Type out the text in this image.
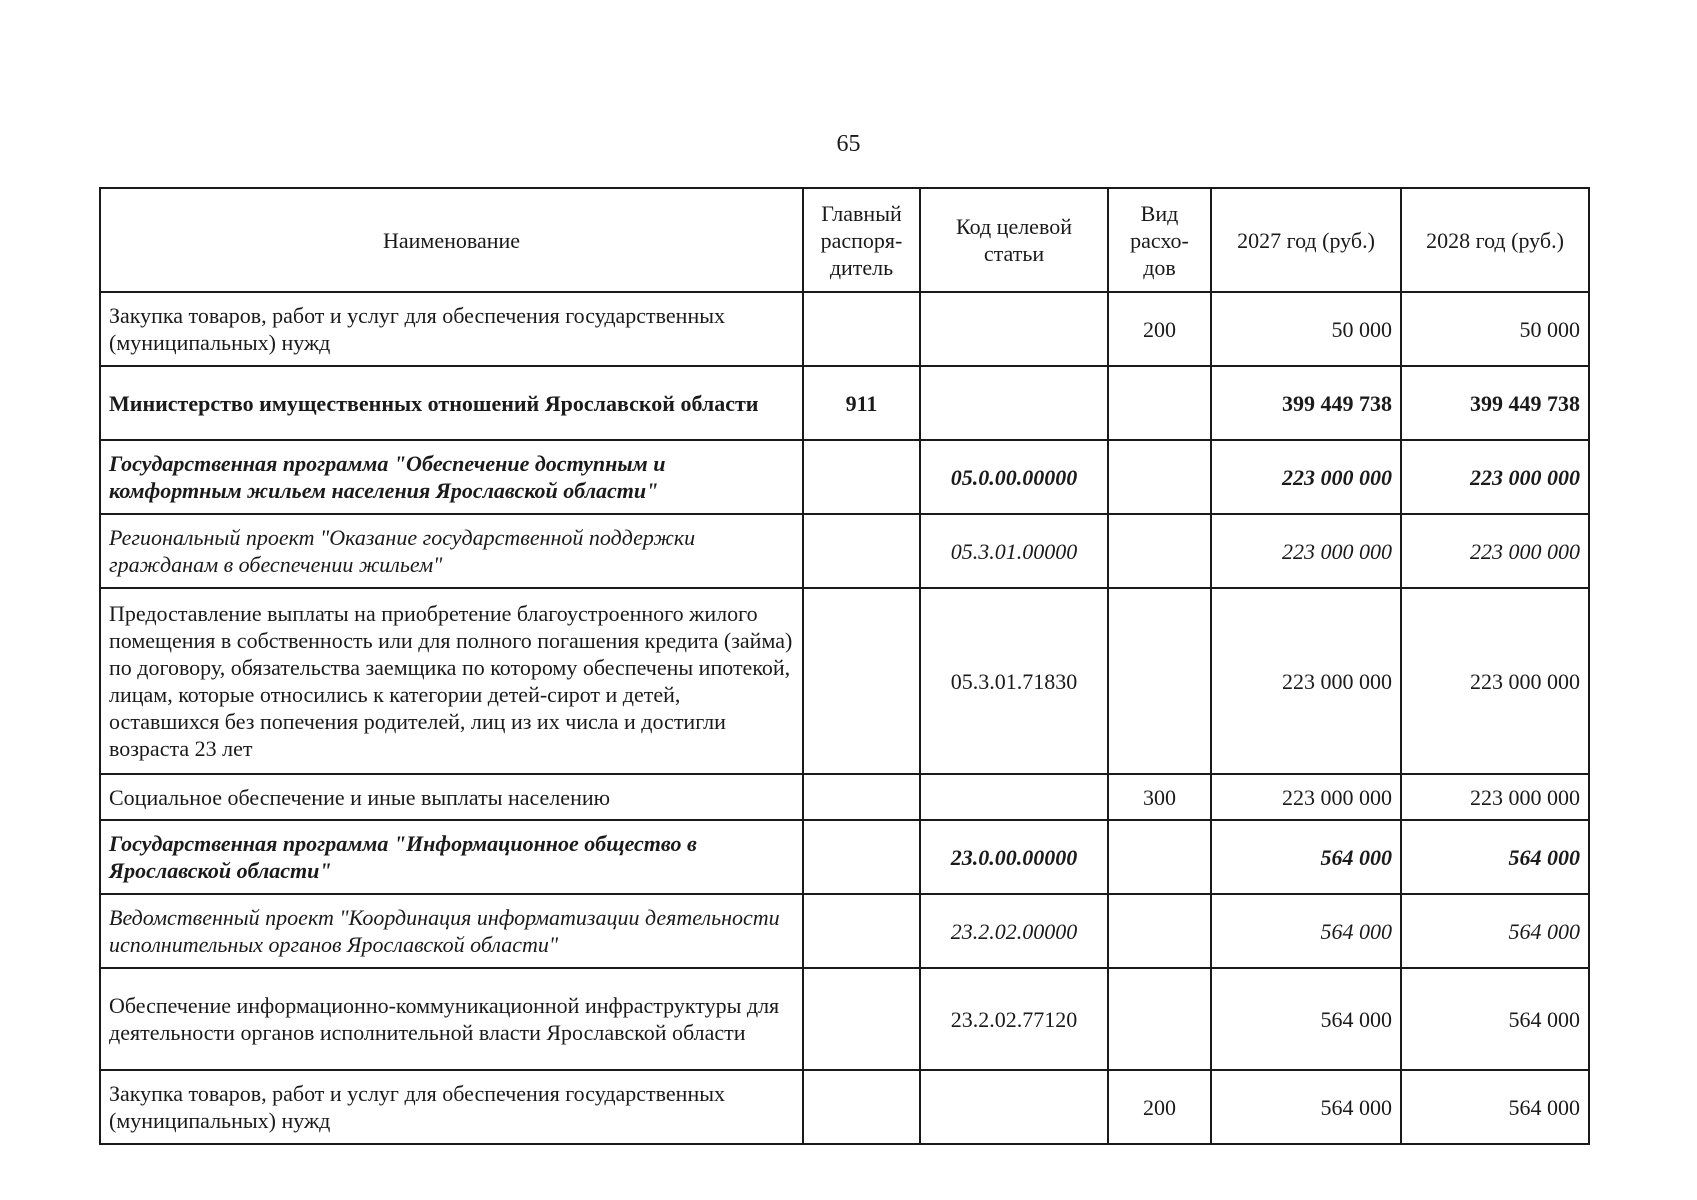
65
Наименование	Главный распоря-дитель	Код целевой статьи	Вид расхо-дов	2027 год (руб.)	2028 год (руб.)
Закупка товаров, работ и услуг для обеспечения государственных (муниципальных) нужд			200	50 000	50 000
Министерство имущественных отношений Ярославской области	911			399 449 738	399 449 738
Государственная программа "Обеспечение доступным и комфортным жильем населения Ярославской области"		05.0.00.00000		223 000 000	223 000 000
Региональный проект "Оказание государственной поддержки гражданам в обеспечении жильем"		05.3.01.00000		223 000 000	223 000 000
Предоставление выплаты на приобретение благоустроенного жилого помещения в собственность или для полного погашения кредита (займа) по договору, обязательства заемщика по которому обеспечены ипотекой, лицам, которые относились к категории детей-сирот и детей, оставшихся без попечения родителей, лиц из их числа и достигли возраста 23 лет		05.3.01.71830		223 000 000	223 000 000
Социальное обеспечение и иные выплаты населению			300	223 000 000	223 000 000
Государственная программа "Информационное общество в Ярославской области"		23.0.00.00000		564 000	564 000
Ведомственный проект "Координация информатизации деятельности исполнительных органов Ярославской области"		23.2.02.00000		564 000	564 000
Обеспечение информационно-коммуникационной инфраструктуры для деятельности органов исполнительной власти Ярославской области		23.2.02.77120		564 000	564 000
Закупка товаров, работ и услуг для обеспечения государственных (муниципальных) нужд			200	564 000	564 000
